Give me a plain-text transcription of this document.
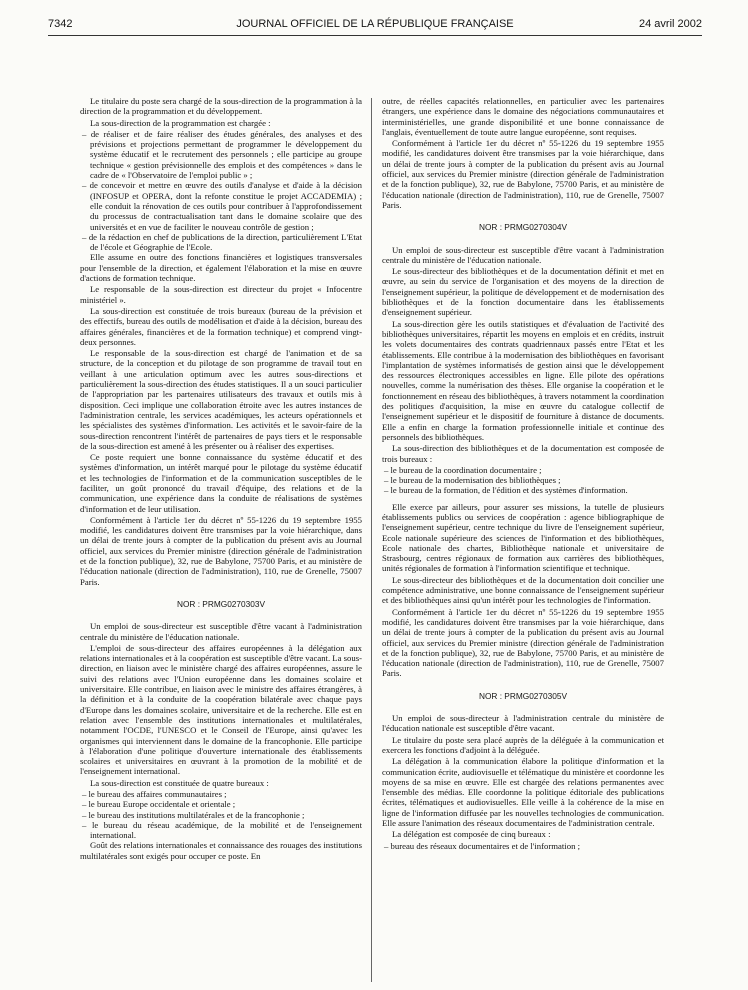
7342	JOURNAL OFFICIEL DE LA RÉPUBLIQUE FRANÇAISE	24 avril 2002

Le titulaire du poste sera chargé de la sous-direction de la programmation à la direction de la programmation et du développement.

La sous-direction de la programmation est chargée :

– de réaliser et de faire réaliser des études générales, des analyses et des prévisions et projections permettant de programmer le développement du système éducatif et le recrutement des personnels ; elle participe au groupe technique « gestion prévisionnelle des emplois et des compétences » dans le cadre de « l'Observatoire de l'emploi public » ;
– de concevoir et mettre en œuvre des outils d'analyse et d'aide à la décision (INFOSUP et OPERA, dont la refonte constitue le projet ACCADEMIA) ; elle conduit la rénovation de ces outils pour contribuer à l'approfondissement du processus de contractualisation tant dans le domaine scolaire que des universités et en vue de faciliter le nouveau contrôle de gestion ;
– de la rédaction en chef de publications de la direction, particulièrement L'Etat de l'école et Géographie de l'Ecole.

Elle assume en outre des fonctions financières et logistiques transversales pour l'ensemble de la direction, et également l'élaboration et la mise en œuvre d'actions de formation technique.

Le responsable de la sous-direction est directeur du projet « Infocentre ministériel ».

La sous-direction est constituée de trois bureaux (bureau de la prévision et des effectifs, bureau des outils de modélisation et d'aide à la décision, bureau des affaires générales, financières et de la formation technique) et comprend vingt-deux personnes.

Le responsable de la sous-direction est chargé de l'animation et de sa structure, de la conception et du pilotage de son programme de travail tout en veillant à une articulation optimum avec les autres sous-directions et particulièrement la sous-direction des études statistiques. Il a un souci particulier de l'appropriation par les partenaires utilisateurs des travaux et outils mis à disposition. Ceci implique une collaboration étroite avec les autres instances de l'administration centrale, les services académiques, les acteurs opérationnels et les spécialistes des systèmes d'information. Les activités et le savoir-faire de la sous-direction rencontrent l'intérêt de partenaires de pays tiers et le responsable de la sous-direction est amené à les présenter ou à réaliser des expertises.

Ce poste requiert une bonne connaissance du système éducatif et des systèmes d'information, un intérêt marqué pour le pilotage du système éducatif et les technologies de l'information et de la communication susceptibles de le faciliter, un goût prononcé du travail d'équipe, des relations et de la communication, une expérience dans la conduite de réalisations de systèmes d'information et de leur utilisation.

Conformément à l'article 1er du décret nº 55-1226 du 19 septembre 1955 modifié, les candidatures doivent être transmises par la voie hiérarchique, dans un délai de trente jours à compter de la publication du présent avis au Journal officiel, aux services du Premier ministre (direction générale de l'administration et de la fonction publique), 32, rue de Babylone, 75700 Paris, et au ministère de l'éducation nationale (direction de l'administration), 110, rue de Grenelle, 75007 Paris.

NOR : PRMG0270303V

Un emploi de sous-directeur est susceptible d'être vacant à l'administration centrale du ministère de l'éducation nationale.

L'emploi de sous-directeur des affaires européennes à la délégation aux relations internationales et à la coopération est susceptible d'être vacant. La sous-direction, en liaison avec le ministère chargé des affaires européennes, assure le suivi des relations avec l'Union européenne dans les domaines scolaire et universitaire. Elle contribue, en liaison avec le ministre des affaires étrangères, à la définition et à la conduite de la coopération bilatérale avec chaque pays d'Europe dans les domaines scolaire, universitaire et de la recherche. Elle est en relation avec l'ensemble des institutions internationales et multilatérales, notamment l'OCDE, l'UNESCO et le Conseil de l'Europe, ainsi qu'avec les organismes qui interviennent dans le domaine de la francophonie. Elle participe à l'élaboration d'une politique d'ouverture internationale des établissements scolaires et universitaires en œuvrant à la promotion de la mobilité et de l'enseignement international.

La sous-direction est constituée de quatre bureaux :

– le bureau des affaires communautaires ;
– le bureau Europe occidentale et orientale ;
– le bureau des institutions multilatérales et de la francophonie ;
– le bureau du réseau académique, de la mobilité et de l'enseignement international.

Goût des relations internationales et connaissance des rouages des institutions multilatérales sont exigés pour occuper ce poste. En

outre, de réelles capacités relationnelles, en particulier avec les partenaires étrangers, une expérience dans le domaine des négociations communautaires et interministérielles, une grande disponibilité et une bonne connaissance de l'anglais, éventuellement de toute autre langue européenne, sont requises.

Conformément à l'article 1er du décret nº 55-1226 du 19 septembre 1955 modifié, les candidatures doivent être transmises par la voie hiérarchique, dans un délai de trente jours à compter de la publication du présent avis au Journal officiel, aux services du Premier ministre (direction générale de l'administration et de la fonction publique), 32, rue de Babylone, 75700 Paris, et au ministère de l'éducation nationale (direction de l'administration), 110, rue de Grenelle, 75007 Paris.

NOR : PRMG0270304V

Un emploi de sous-directeur est susceptible d'être vacant à l'administration centrale du ministère de l'éducation nationale.

Le sous-directeur des bibliothèques et de la documentation définit et met en œuvre, au sein du service de l'organisation et des moyens de la direction de l'enseignement supérieur, la politique de développement et de modernisation des bibliothèques et de la fonction documentaire dans les établissements d'enseignement supérieur.

La sous-direction gère les outils statistiques et d'évaluation de l'activité des bibliothèques universitaires, répartit les moyens en emplois et en crédits, instruit les volets documentaires des contrats quadriennaux passés entre l'Etat et les établissements. Elle contribue à la modernisation des bibliothèques en favorisant l'implantation de systèmes informatisés de gestion ainsi que le développement des ressources électroniques accessibles en ligne. Elle pilote des opérations nouvelles, comme la numérisation des thèses. Elle organise la coopération et le fonctionnement en réseau des bibliothèques, à travers notamment la coordination des politiques d'acquisition, la mise en œuvre du catalogue collectif de l'enseignement supérieur et le dispositif de fourniture à distance de documents. Elle a enfin en charge la formation professionnelle initiale et continue des personnels des bibliothèques.

La sous-direction des bibliothèques et de la documentation est composée de trois bureaux :

– le bureau de la coordination documentaire ;
– le bureau de la modernisation des bibliothèques ;
– le bureau de la formation, de l'édition et des systèmes d'information.

Elle exerce par ailleurs, pour assurer ses missions, la tutelle de plusieurs établissements publics ou services de coopération : agence bibliographique de l'enseignement supérieur, centre technique du livre de l'enseignement supérieur, Ecole nationale supérieure des sciences de l'information et des bibliothèques, Ecole nationale des chartes, Bibliothèque nationale et universitaire de Strasbourg, centres régionaux de formation aux carrières des bibliothèques, unités régionales de formation à l'information scientifique et technique.

Le sous-directeur des bibliothèques et de la documentation doit concilier une compétence administrative, une bonne connaissance de l'enseignement supérieur et des bibliothèques ainsi qu'un intérêt pour les technologies de l'information.

Conformément à l'article 1er du décret nº 55-1226 du 19 septembre 1955 modifié, les candidatures doivent être transmises par la voie hiérarchique, dans un délai de trente jours à compter de la publication du présent avis au Journal officiel, aux services du Premier ministre (direction générale de l'administration et de la fonction publique), 32, rue de Babylone, 75700 Paris, et au ministère de l'éducation nationale (direction de l'administration), 110, rue de Grenelle, 75007 Paris.

NOR : PRMG0270305V

Un emploi de sous-directeur à l'administration centrale du ministère de l'éducation nationale est susceptible d'être vacant.

Le titulaire du poste sera placé auprès de la déléguée à la communication et exercera les fonctions d'adjoint à la déléguée.

La délégation à la communication élabore la politique d'information et la communication écrite, audiovisuelle et télématique du ministère et coordonne les moyens de sa mise en œuvre. Elle est chargée des relations permanentes avec l'ensemble des médias. Elle coordonne la politique éditoriale des publications écrites, télématiques et audiovisuelles. Elle veille à la cohérence de la mise en ligne de l'information diffusée par les nouvelles technologies de communication. Elle assure l'animation des réseaux documentaires de l'administration centrale.

La délégation est composée de cinq bureaux :

– bureau des réseaux documentaires et de l'information ;
